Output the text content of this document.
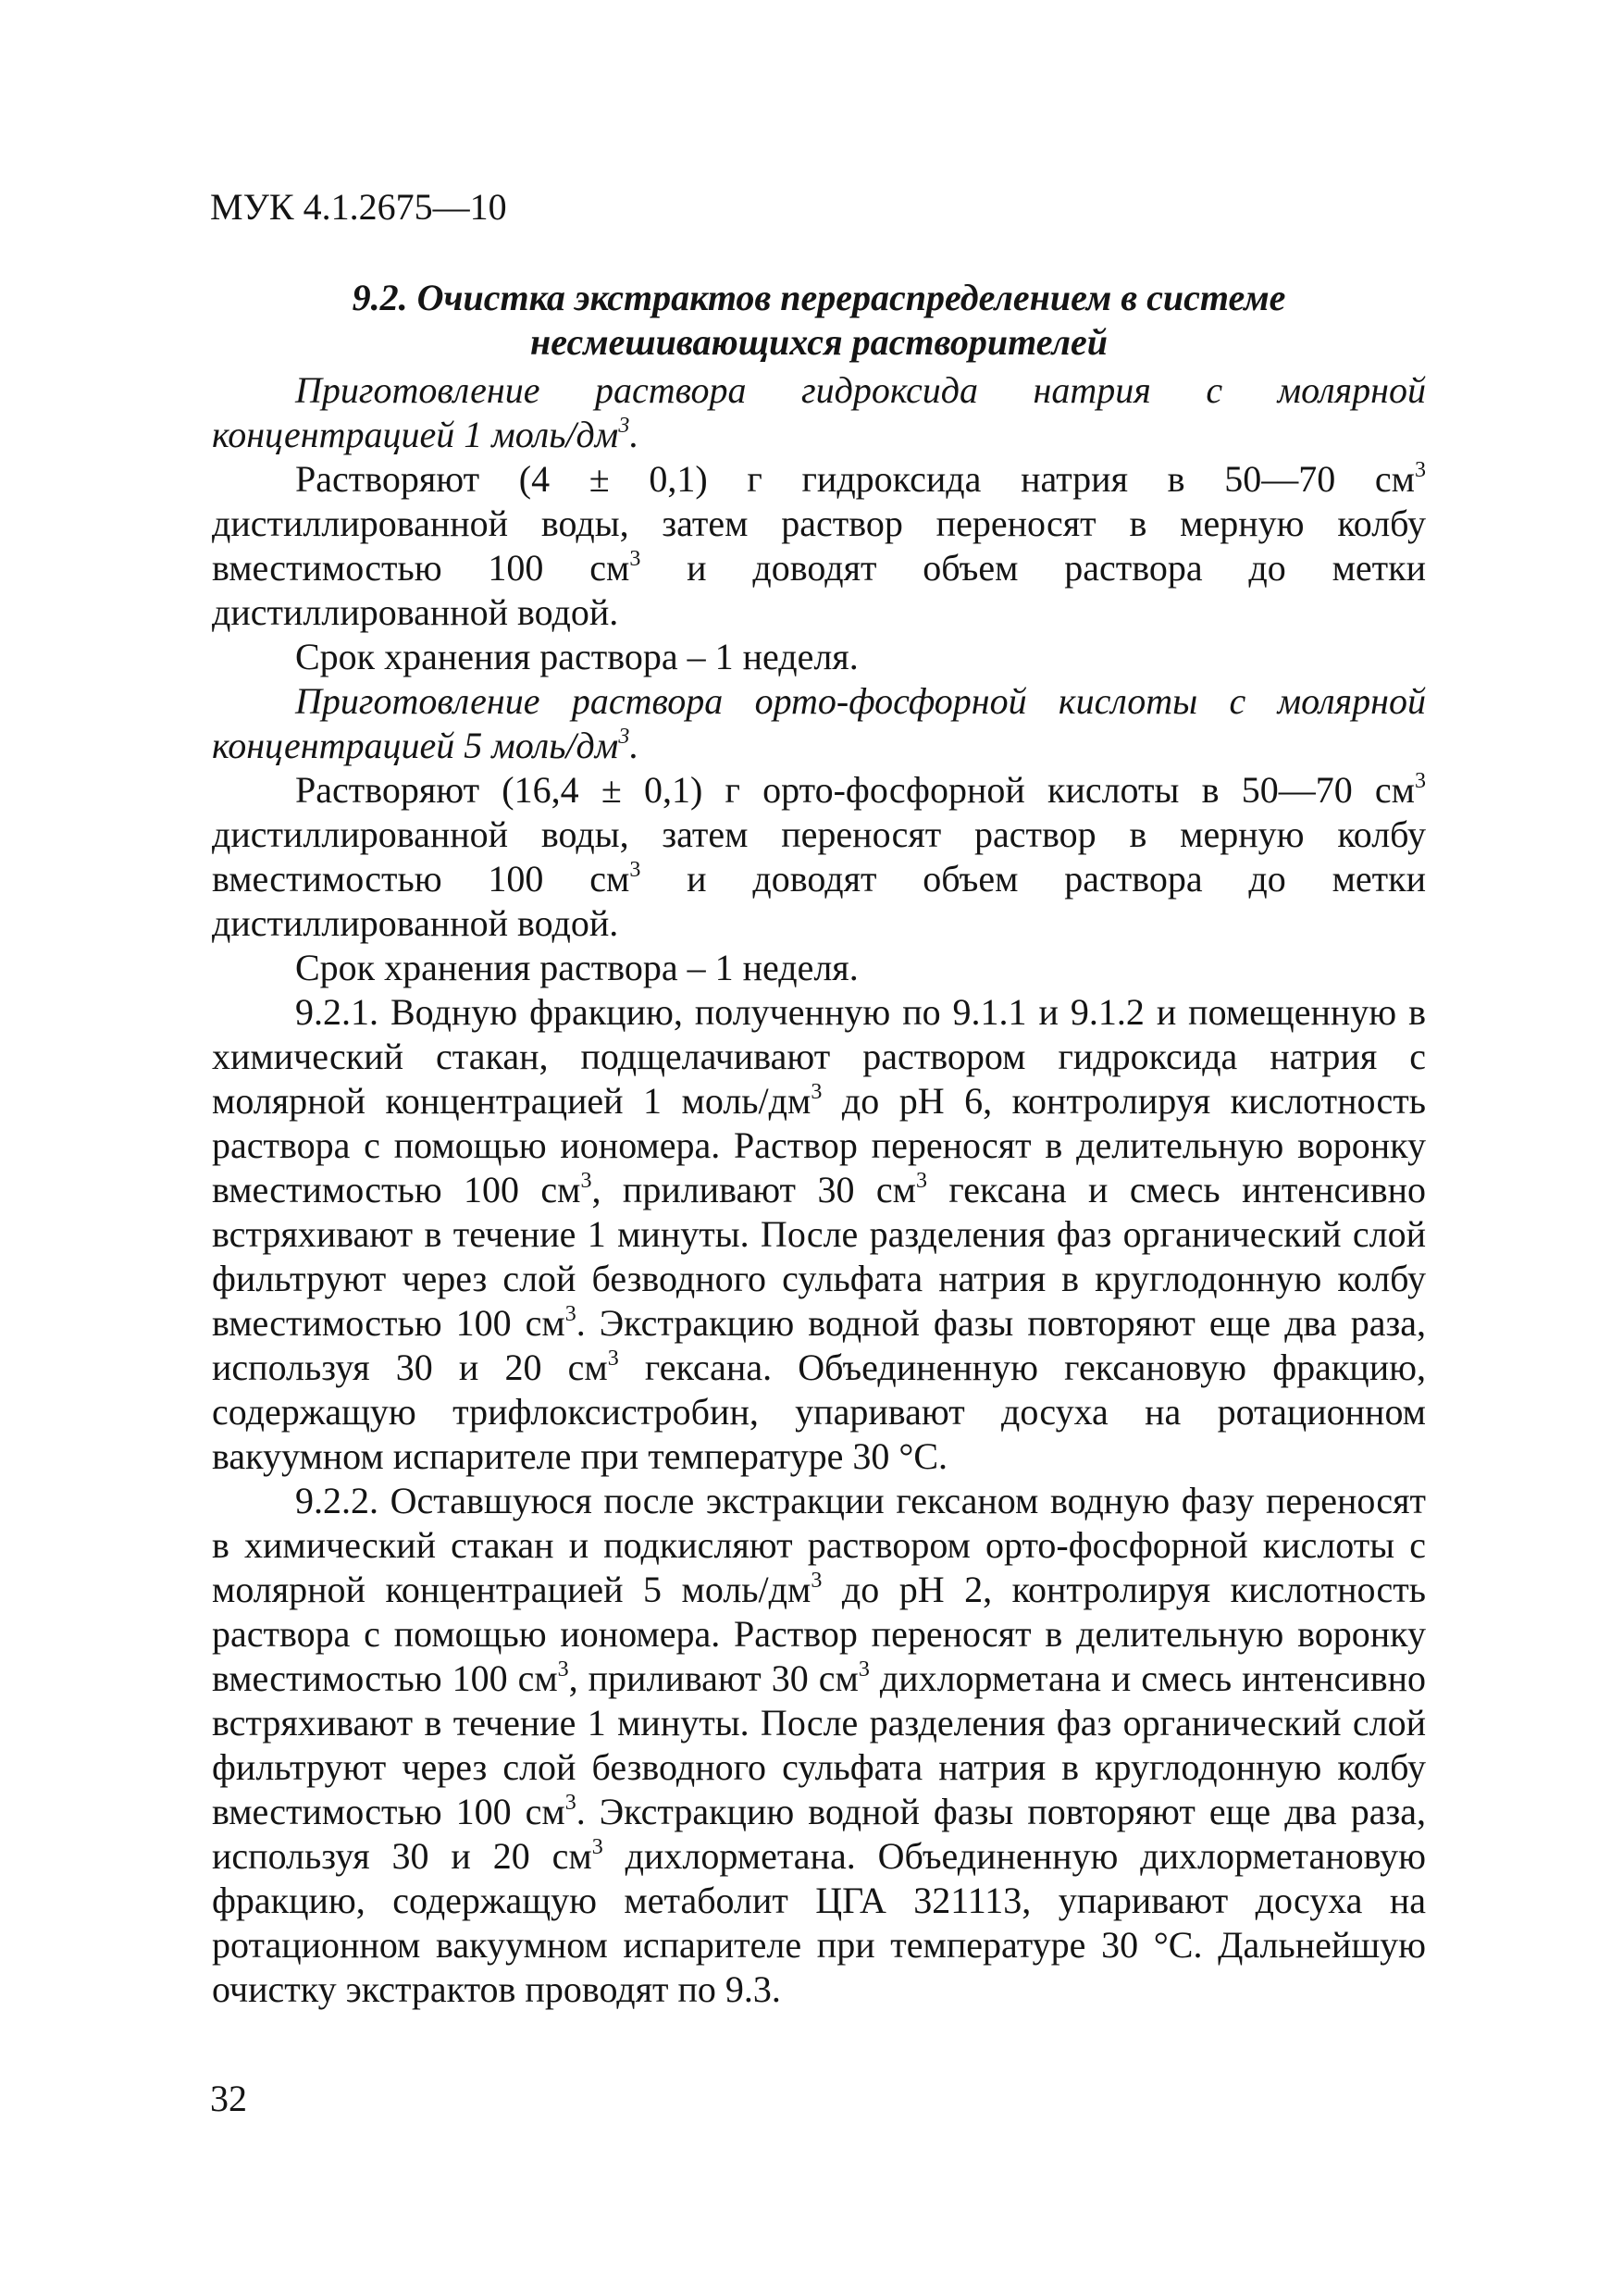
МУК 4.1.2675—10
9.2. Очистка экстрактов перераспределением в системе
несмешивающихся растворителей

Приготовление раствора гидроксида натрия с молярной концентрацией 1 моль/$дм^3$.

Растворяют (4 ± 0,1) г гидроксида натрия в 50—70 $см^3$ дистиллированной воды, затем раствор переносят в мерную колбу вместимостью 100 $см^3$ и доводят объем раствора до метки дистиллированной водой.

Срок хранения раствора – 1 неделя.

Приготовление раствора орто-фосфорной кислоты с молярной концентрацией 5 моль/$дм^3$.

Растворяют (16,4 ± 0,1) г орто-фосфорной кислоты в 50—70 $см^3$ дистиллированной воды, затем переносят раствор в мерную колбу вместимостью 100 $см^3$ и доводят объем раствора до метки дистиллированной водой.

Срок хранения раствора – 1 неделя.

9.2.1. Водную фракцию, полученную по 9.1.1 и 9.1.2 и помещенную в химический стакан, подщелачивают раствором гидроксида натрия с молярной концентрацией 1 моль/$дм^3$ до pH 6, контролируя кислотность раствора с помощью иономера. Раствор переносят в делительную воронку вместимостью 100 $см^3$, приливают 30 $см^3$ гексана и смесь интенсивно встряхивают в течение 1 минуты. После разделения фаз органический слой фильтруют через слой безводного сульфата натрия в круглодонную колбу вместимостью 100 $см^3$. Экстракцию водной фазы повторяют еще два раза, используя 30 и 20 $см^3$ гексана. Объединенную гексановую фракцию, содержащую трифлоксистробин, упаривают досуха на ротационном вакуумном испарителе при температуре 30 °С.

9.2.2. Оставшуюся после экстракции гексаном водную фазу переносят в химический стакан и подкисляют раствором орто-фосфорной кислоты с молярной концентрацией 5 моль/$дм^3$ до pH 2, контролируя кислотность раствора с помощью иономера. Раствор переносят в делительную воронку вместимостью 100 $см^3$, приливают 30 $см^3$ дихлорметана и смесь интенсивно встряхивают в течение 1 минуты. После разделения фаз органический слой фильтруют через слой безводного сульфата натрия в круглодонную колбу вместимостью 100 $см^3$. Экстракцию водной фазы повторяют еще два раза, используя 30 и 20 $см^3$ дихлорметана. Объединенную дихлорметановую фракцию, содержащую метаболит ЦГА 321113, упаривают досуха на ротационном вакуумном испарителе при температуре 30 °С. Дальнейшую очистку экстрактов проводят по 9.3.

32
